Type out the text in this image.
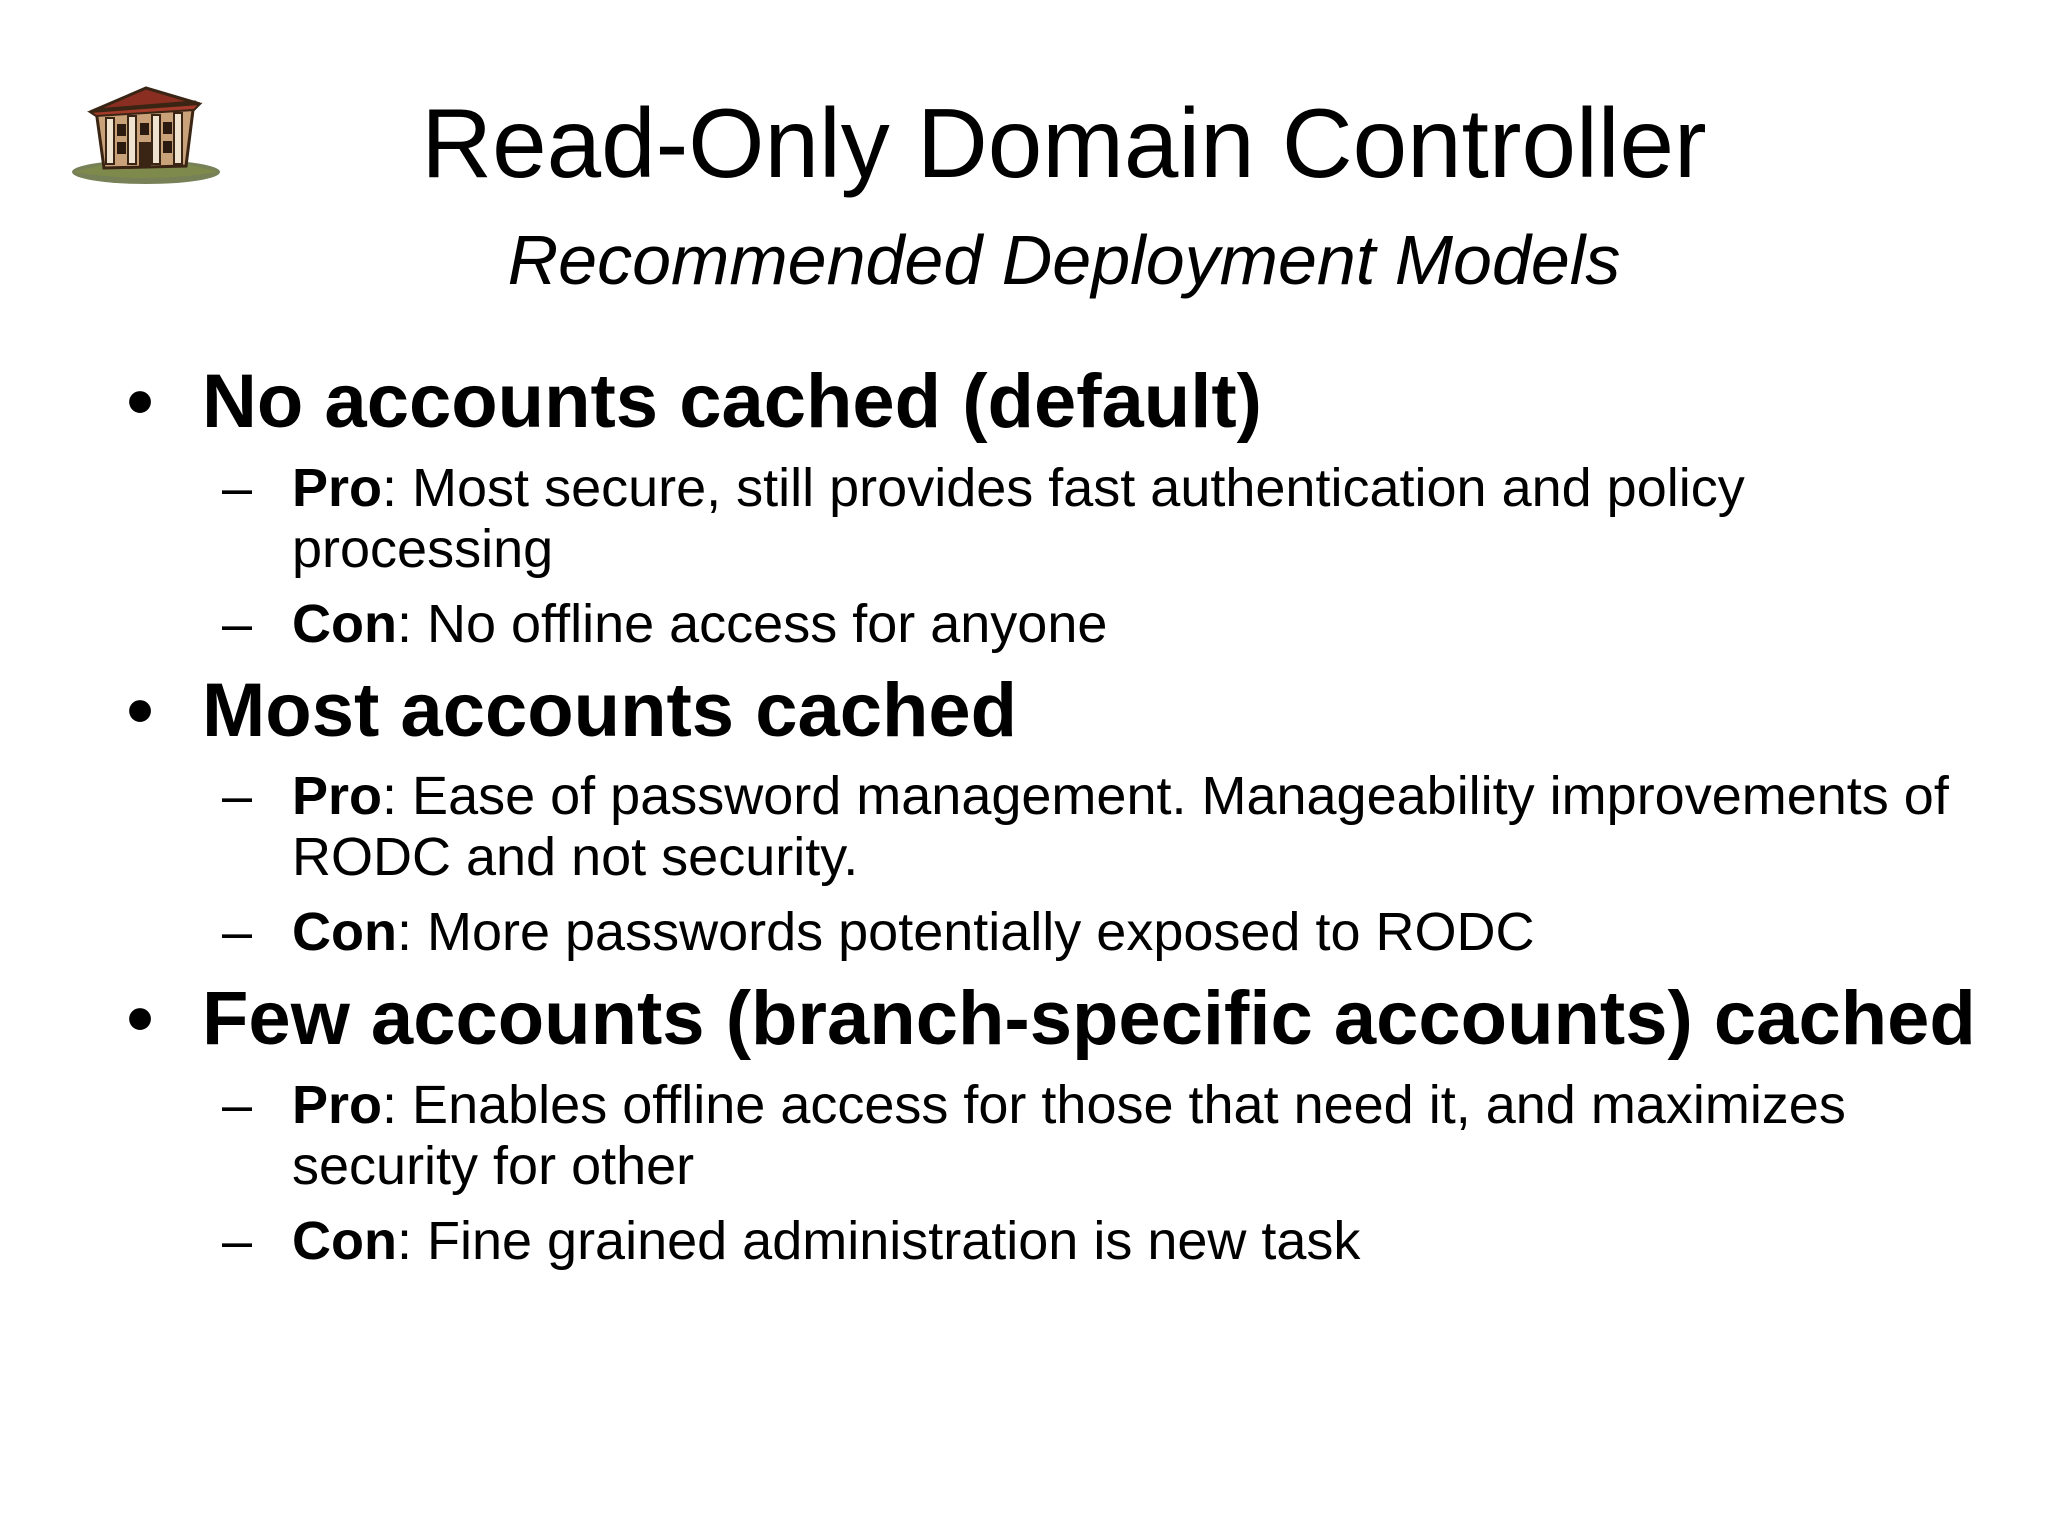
Read-Only Domain Controller
Recommended Deployment Models
• No accounts cached (default)
– Pro: Most secure, still provides fast authentication and policy processing
– Con: No offline access for anyone
• Most accounts cached
– Pro: Ease of password management. Manageability improvements of RODC and not security.
– Con: More passwords potentially exposed to RODC
• Few accounts (branch-specific accounts) cached
– Pro: Enables offline access for those that need it, and maximizes security for other
– Con: Fine grained administration is new task
